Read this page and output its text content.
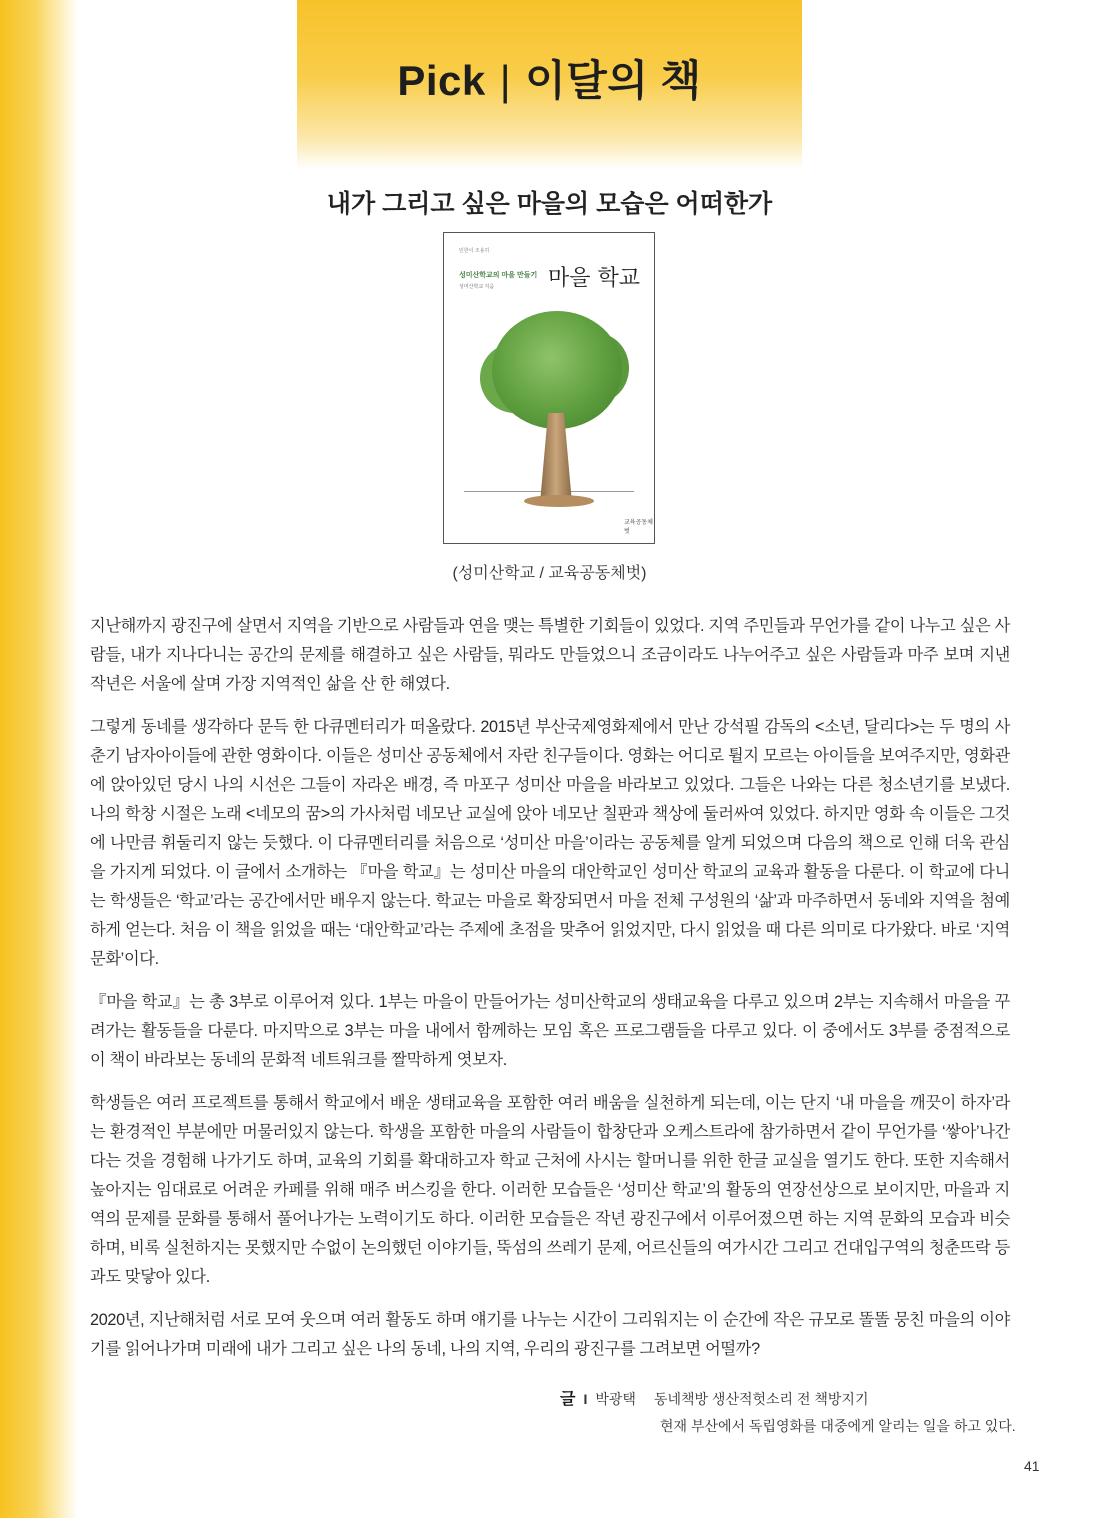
Pick | 이달의 책
내가 그리고 싶은 마을의 모습은 어떠한가
민한이 조용히
성미산학교의 마을 만들기
성미산학교 지음 마을 학교
교육공동체벗
(성미산학교 / 교육공동체벗)

지난해까지 광진구에 살면서 지역을 기반으로 사람들과 연을 맺는 특별한 기회들이 있었다. 지역 주민들과 무언가를 같이 나누고 싶은 사람들, 내가 지나다니는 공간의 문제를 해결하고 싶은 사람들, 뭐라도 만들었으니 조금이라도 나누어주고 싶은 사람들과 마주 보며 지낸 작년은 서울에 살며 가장 지역적인 삶을 산 한 해였다.

그렇게 동네를 생각하다 문득 한 다큐멘터리가 떠올랐다. 2015년 부산국제영화제에서 만난 강석필 감독의 <소년, 달리다>는 두 명의 사춘기 남자아이들에 관한 영화이다. 이들은 성미산 공동체에서 자란 친구들이다. 영화는 어디로 튈지 모르는 아이들을 보여주지만, 영화관에 앉아있던 당시 나의 시선은 그들이 자라온 배경, 즉 마포구 성미산 마을을 바라보고 있었다. 그들은 나와는 다른 청소년기를 보냈다. 나의 학창 시절은 노래 <네모의 꿈>의 가사처럼 네모난 교실에 앉아 네모난 칠판과 책상에 둘러싸여 있었다. 하지만 영화 속 이들은 그것에 나만큼 휘둘리지 않는 듯했다. 이 다큐멘터리를 처음으로 ‘성미산 마을’이라는 공동체를 알게 되었으며 다음의 책으로 인해 더욱 관심을 가지게 되었다. 이 글에서 소개하는 『마을 학교』는 성미산 마을의 대안학교인 성미산 학교의 교육과 활동을 다룬다. 이 학교에 다니는 학생들은 ‘학교’라는 공간에서만 배우지 않는다. 학교는 마을로 확장되면서 마을 전체 구성원의 ‘삶’과 마주하면서 동네와 지역을 첨예하게 얻는다. 처음 이 책을 읽었을 때는 ‘대안학교’라는 주제에 초점을 맞추어 읽었지만, 다시 읽었을 때 다른 의미로 다가왔다. 바로 ‘지역 문화’이다.

『마을 학교』는 총 3부로 이루어져 있다. 1부는 마을이 만들어가는 성미산학교의 생태교육을 다루고 있으며 2부는 지속해서 마을을 꾸려가는 활동들을 다룬다. 마지막으로 3부는 마을 내에서 함께하는 모임 혹은 프로그램들을 다루고 있다. 이 중에서도 3부를 중점적으로 이 책이 바라보는 동네의 문화적 네트워크를 짤막하게 엿보자.

학생들은 여러 프로젝트를 통해서 학교에서 배운 생태교육을 포함한 여러 배움을 실천하게 되는데, 이는 단지 ‘내 마을을 깨끗이 하자’라는 환경적인 부분에만 머물러있지 않는다. 학생을 포함한 마을의 사람들이 합창단과 오케스트라에 참가하면서 같이 무언가를 ‘쌓아’나간다는 것을 경험해 나가기도 하며, 교육의 기회를 확대하고자 학교 근처에 사시는 할머니를 위한 한글 교실을 열기도 한다. 또한 지속해서 높아지는 임대료로 어려운 카페를 위해 매주 버스킹을 한다. 이러한 모습들은 ‘성미산 학교’의 활동의 연장선상으로 보이지만, 마을과 지역의 문제를 문화를 통해서 풀어나가는 노력이기도 하다. 이러한 모습들은 작년 광진구에서 이루어졌으면 하는 지역 문화의 모습과 비슷하며, 비록 실천하지는 못했지만 수없이 논의했던 이야기들, 뚝섬의 쓰레기 문제, 어르신들의 여가시간 그리고 건대입구역의 청춘뜨락 등과도 맞닿아 있다.

2020년, 지난해처럼 서로 모여 웃으며 여러 활동도 하며 얘기를 나누는 시간이 그리워지는 이 순간에 작은 규모로 똘똘 뭉친 마을의 이야기를 읽어나가며 미래에 내가 그리고 싶은 나의 동네, 나의 지역, 우리의 광진구를 그려보면 어떨까?

글 I 박광택 동네책방 생산적헛소리 전 책방지기
현재 부산에서 독립영화를 대중에게 알리는 일을 하고 있다.
41
